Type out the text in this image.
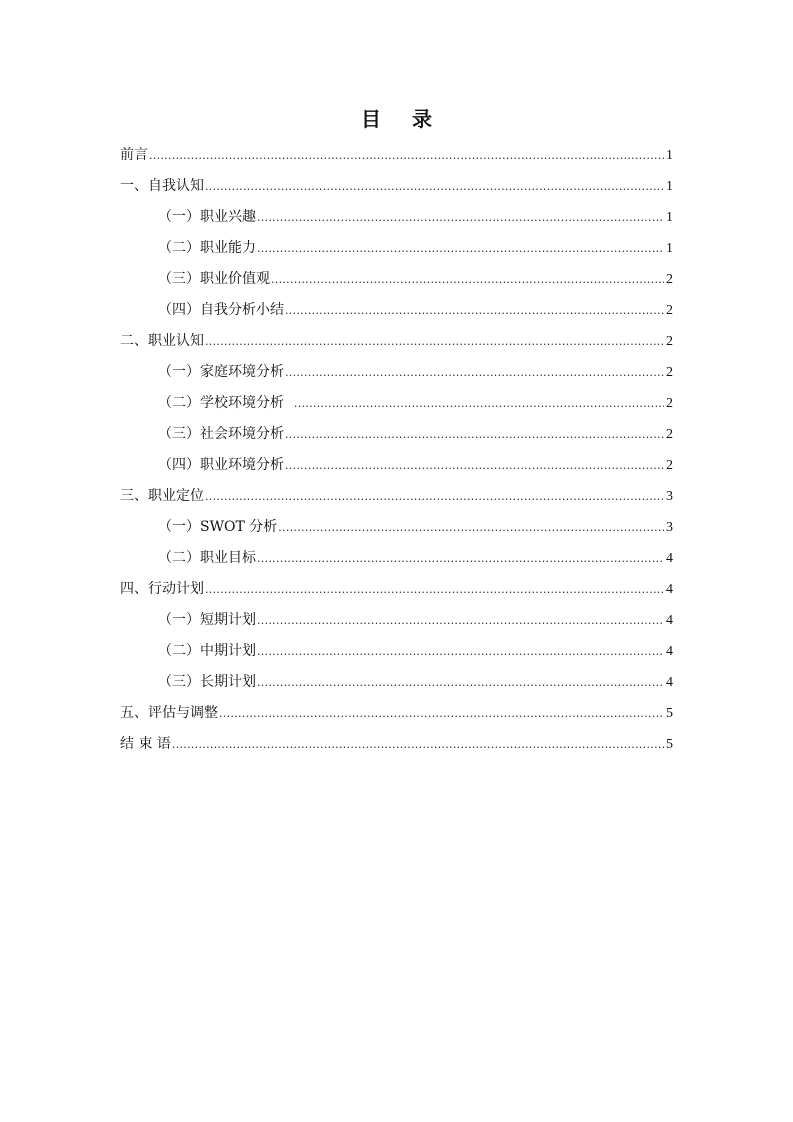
目 录
前言 .....	1
一、自我认知 .....	1
（一）职业兴趣 .....	1
（二）职业能力 .....	1
（三）职业价值观 .....	2
（四）自我分析小结 .....	2
二、职业认知 .....	2
（一）家庭环境分析 .....	2
（二）学校环境分析 .....	2
（三）社会环境分析 .....	2
（四）职业环境分析 .....	2
三、职业定位 .....	3
（一）SWOT 分析 .....	3
（二）职业目标 .....	4
四、行动计划 .....	4
（一）短期计划 .....	4
（二）中期计划 .....	4
（三）长期计划 .....	4
五、评估与调整 .....	5
结 束 语 .....	5
